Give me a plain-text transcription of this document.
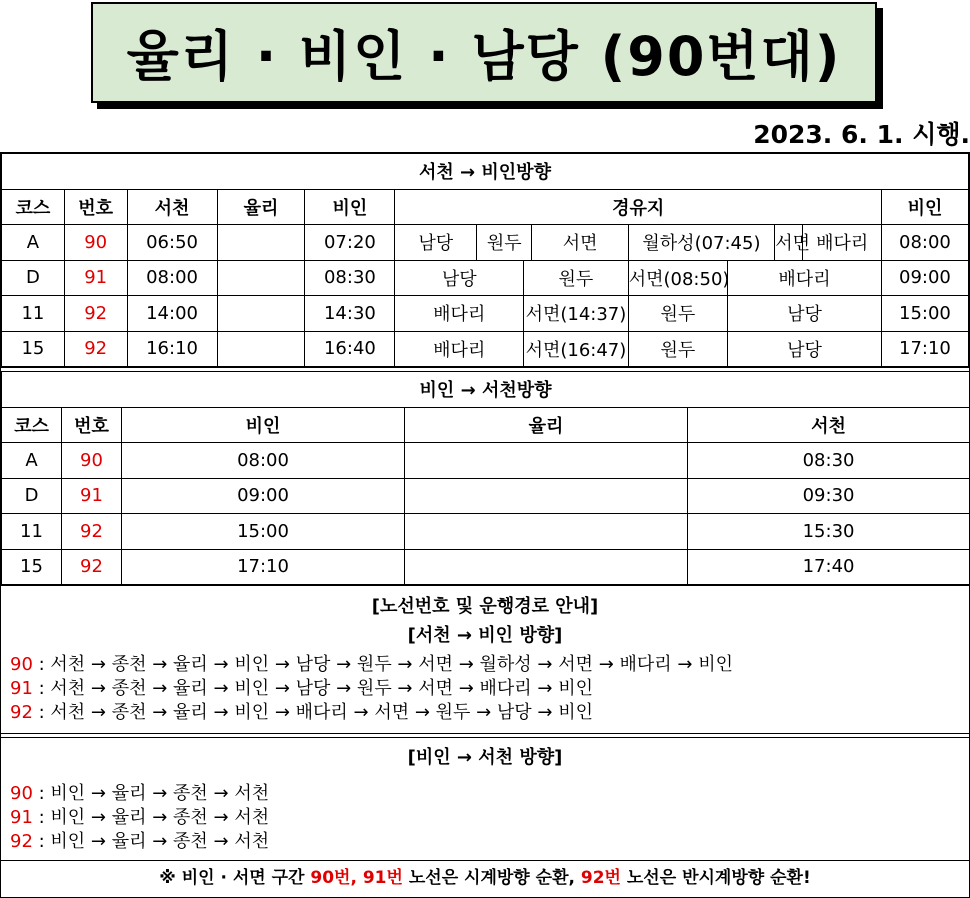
율리 · 비인 · 남당 (90번대)
2023. 6. 1. 시행.
서천 → 비인방향													
코스	번호	서천	율리	비인	경유지								비인
A	90	06:50		07:20	남당	원두		서면	월하성(07:45)		서면	배다리	08:00
D	91	08:00		08:30	남당		원두		서면(08:50)	배다리			09:00
11	92	14:00		14:30	배다리		서면(14:37)		원두	남당			15:00
15	92	16:10		16:40	배다리		서면(16:47)		원두	남당			17:10
비인 → 서천방향				
코스	번호	비인	율리	서천
A	90	08:00		08:30
D	91	09:00		09:30
11	92	15:00		15:30
15	92	17:10		17:40
[노선번호 및 운행경로 안내]
[서천 → 비인 방향]
90 : 서천 → 종천 → 율리 → 비인 → 남당 → 원두 → 서면 → 월하성 → 서면 → 배다리 → 비인
91 : 서천 → 종천 → 율리 → 비인 → 남당 → 원두 → 서면 → 배다리 → 비인
92 : 서천 → 종천 → 율리 → 비인 → 배다리 → 서면 → 원두 → 남당 → 비인
[비인 → 서천 방향]
90 : 비인 → 율리 → 종천 → 서천
91 : 비인 → 율리 → 종천 → 서천
92 : 비인 → 율리 → 종천 → 서천
※ 비인 · 서면 구간 90번, 91번 노선은 시계방향 순환, 92번 노선은 반시계방향 순환!
